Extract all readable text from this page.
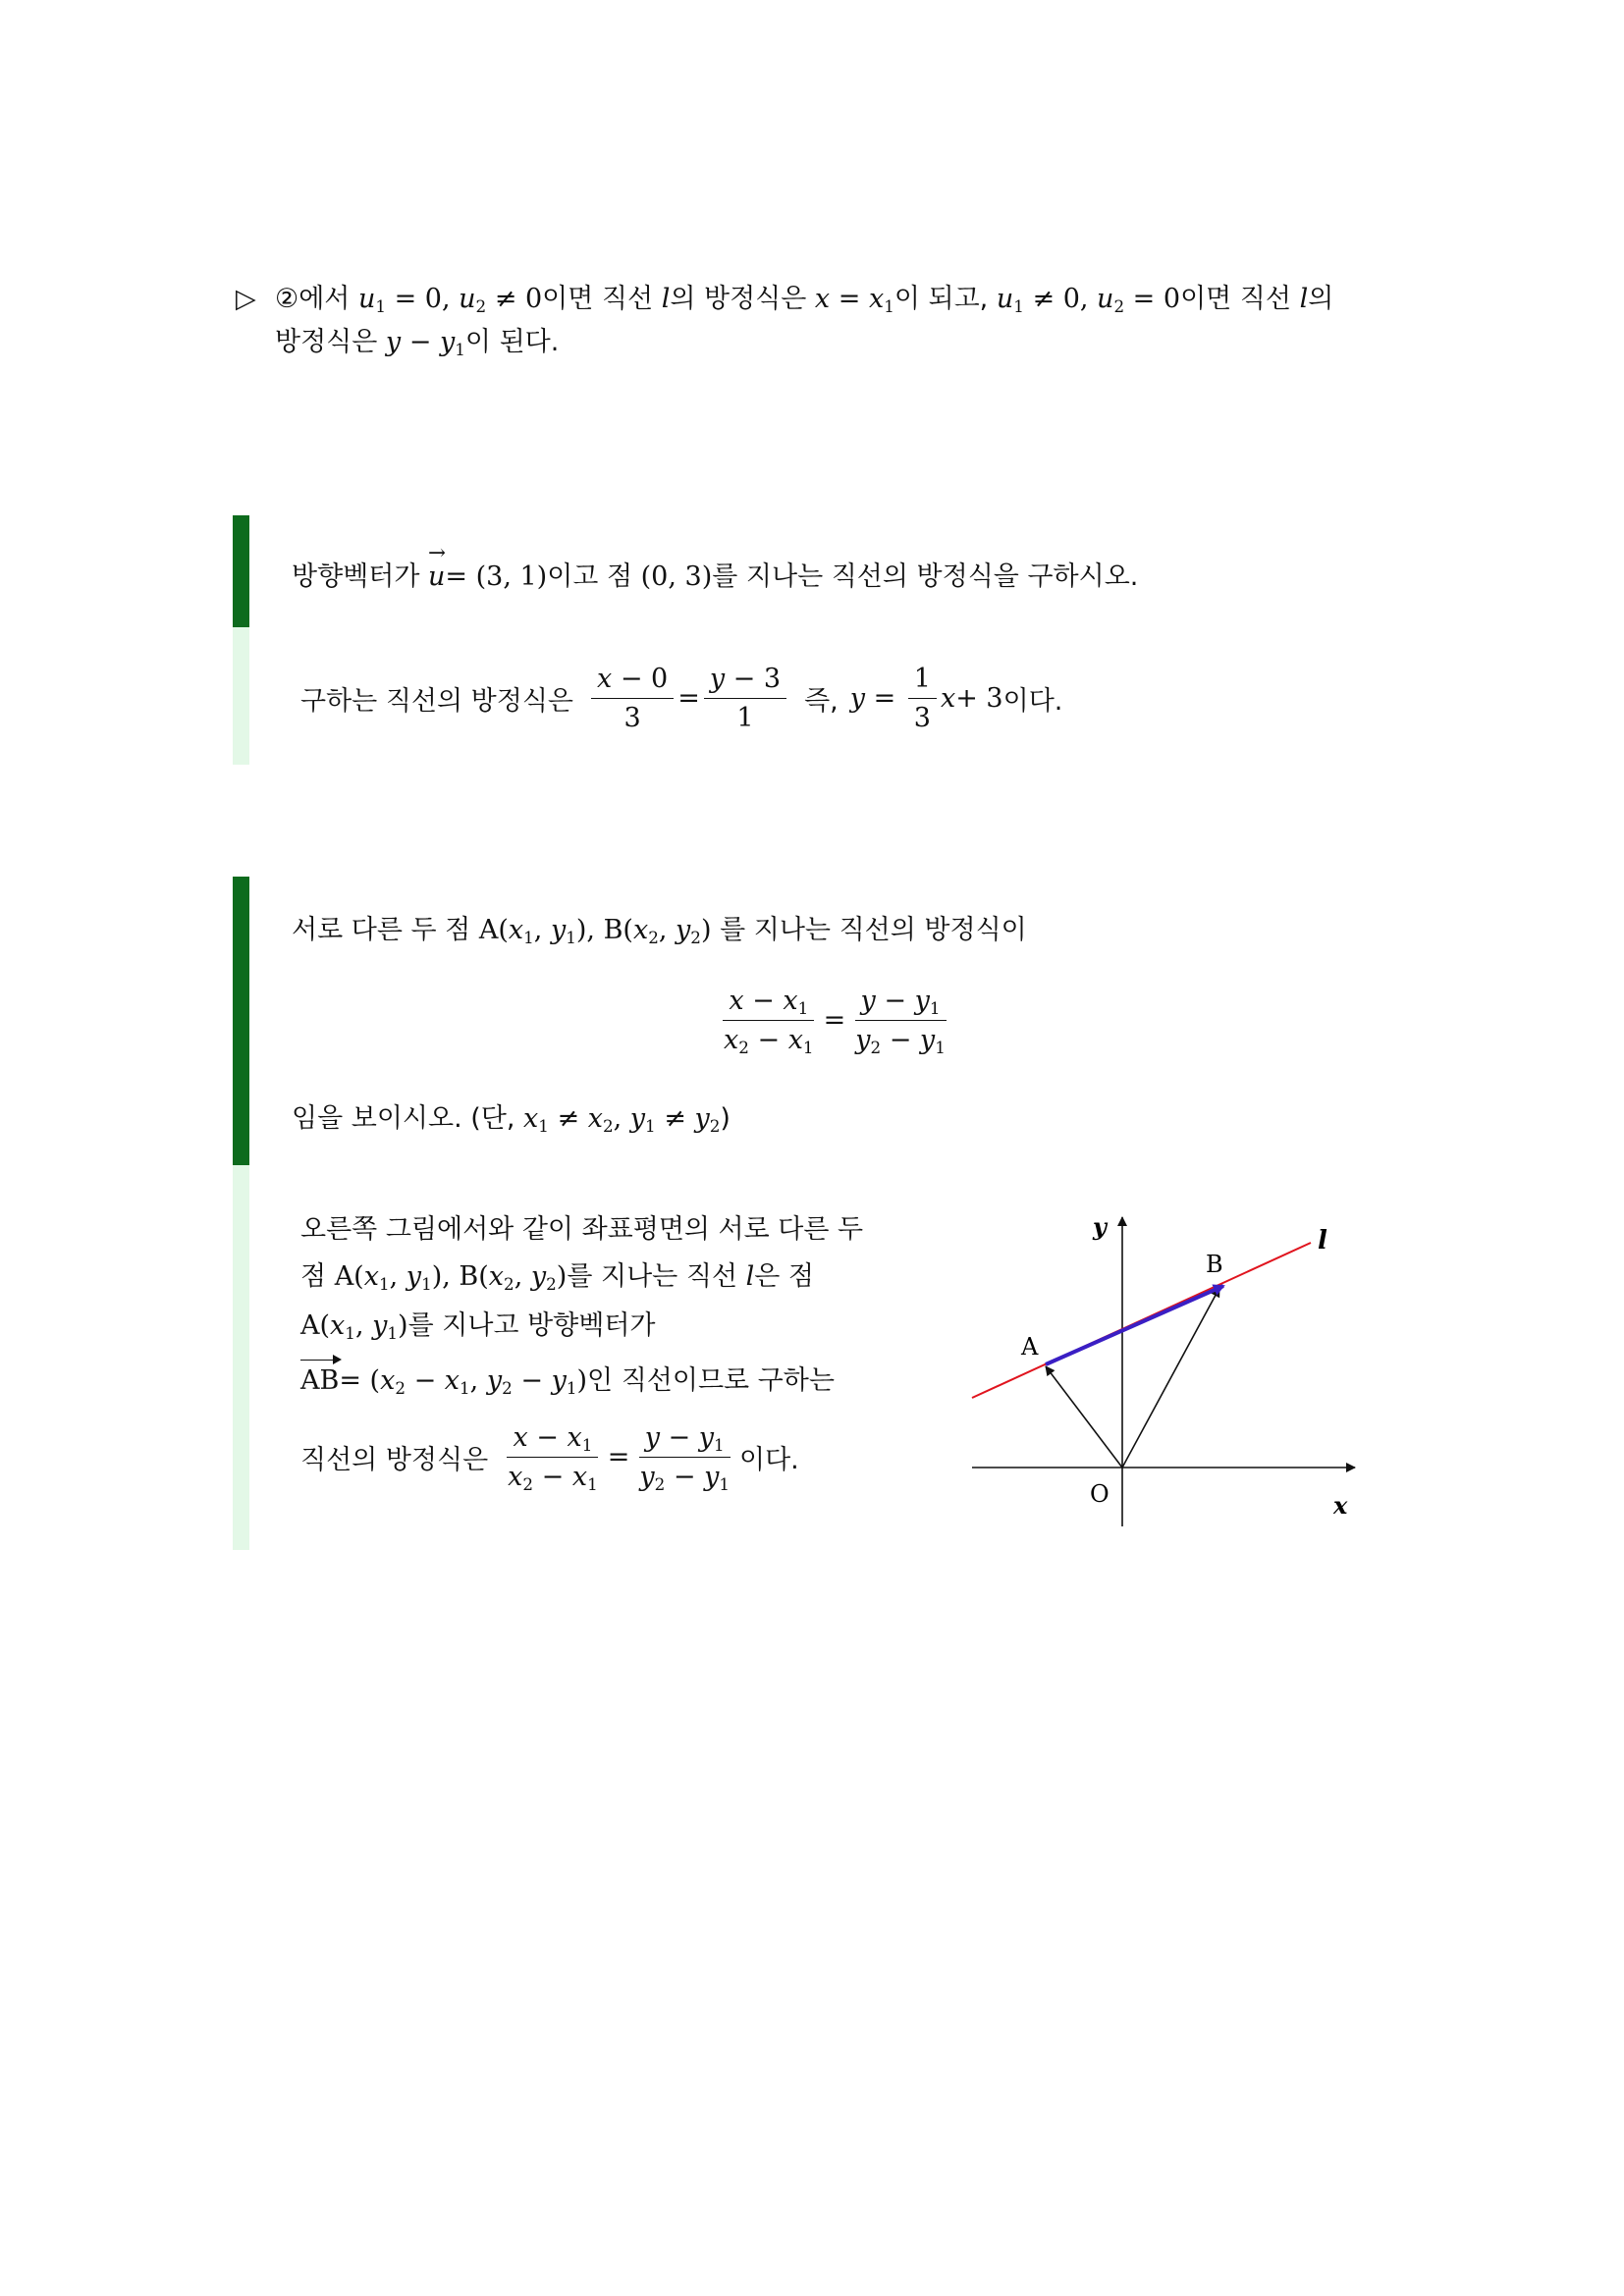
▷ ②에서 $u_1 = 0$, $u_2 \ne 0$이면 직선 l의 방정식은 $x = x_1$이 되고, $u_1 \ne 0$, $u_2 = 0$이면 직선 l의
방정식은 $y - y_1$이 된다.
방향벡터가 → u= (3, 1)이고 점 (0, 3)를 지나는 직선의 방정식을 구하시오.
구하는 직선의 방정식은 $\frac{x - 0}{3} = \frac{y - 3}{1}$ 즉, $y = \frac{1}{3}$ x + 3 이다.
서로 다른 두 점 $A(x_1$, $y_1$), $B(x_2$, $y_2$) 를 지나는 직선의 방정식이
$\frac{x - x_1}{x_2 - x_1} = \frac{y - y_1}{y_2 - y_1}$
임을 보이시오. (단, $x_1 \ne x_2$, $y_1 \ne y_2$)
오른쪽 그림에서와 같이 좌표평면의 서로 다른 두
점 $A(x_1$, $y_1$), $B(x_2$, $y_2$)를 지나는 직선 l은 점
$A(x_1$, $y_1$)를 지나고 방향벡터가
$AB= (x_2 - x_1$, $y_2 - y_1$)인 직선이므로 구하는
직선의 방정식은 $\frac{x - x_1}{x_2 - x_1} = \frac{y - y_1}{y_2 - y_1}$ 이다.
y	l
B
A
O	x
